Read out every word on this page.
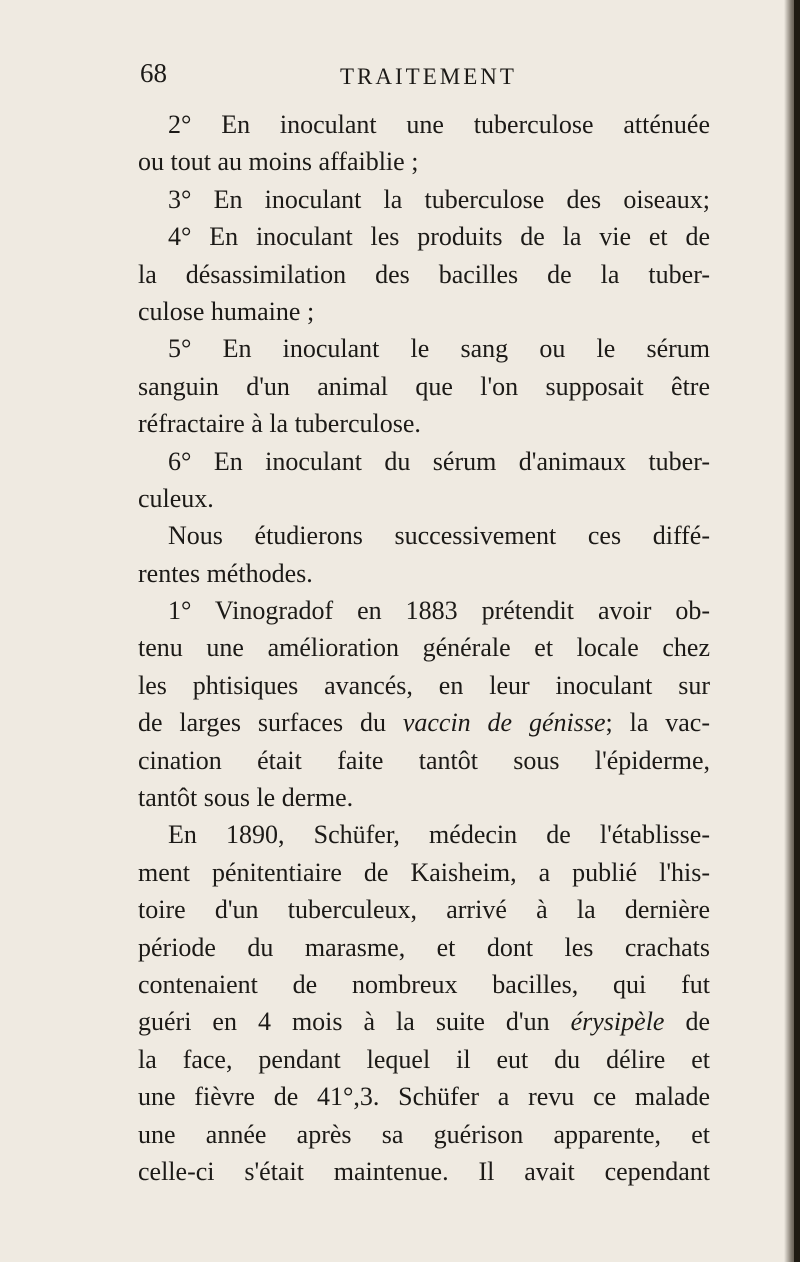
68	TRAITEMENT
2° En inoculant une tuberculose atténuée
ou tout au moins affaiblie ;
3° En inoculant la tuberculose des oiseaux;
4° En inoculant les produits de la vie et de
la désassimilation des bacilles de la tuber-
culose humaine ;
5° En inoculant le sang ou le sérum
sanguin d'un animal que l'on supposait être
réfractaire à la tuberculose.
6° En inoculant du sérum d'animaux tuber-
culeux.
Nous étudierons successivement ces diffé-
rentes méthodes.
1° Vinogradof en 1883 prétendit avoir ob-
tenu une amélioration générale et locale chez
les phtisiques avancés, en leur inoculant sur
de larges surfaces du vaccin de génisse; la vac-
cination était faite tantôt sous l'épiderme,
tantôt sous le derme.
En 1890, Schüfer, médecin de l'établisse-
ment pénitentiaire de Kaisheim, a publié l'his-
toire d'un tuberculeux, arrivé à la dernière
période du marasme, et dont les crachats
contenaient de nombreux bacilles, qui fut
guéri en 4 mois à la suite d'un érysipèle de
la face, pendant lequel il eut du délire et
une fièvre de 41°,3. Schüfer a revu ce malade
une année après sa guérison apparente, et
celle-ci s'était maintenue. Il avait cependant
